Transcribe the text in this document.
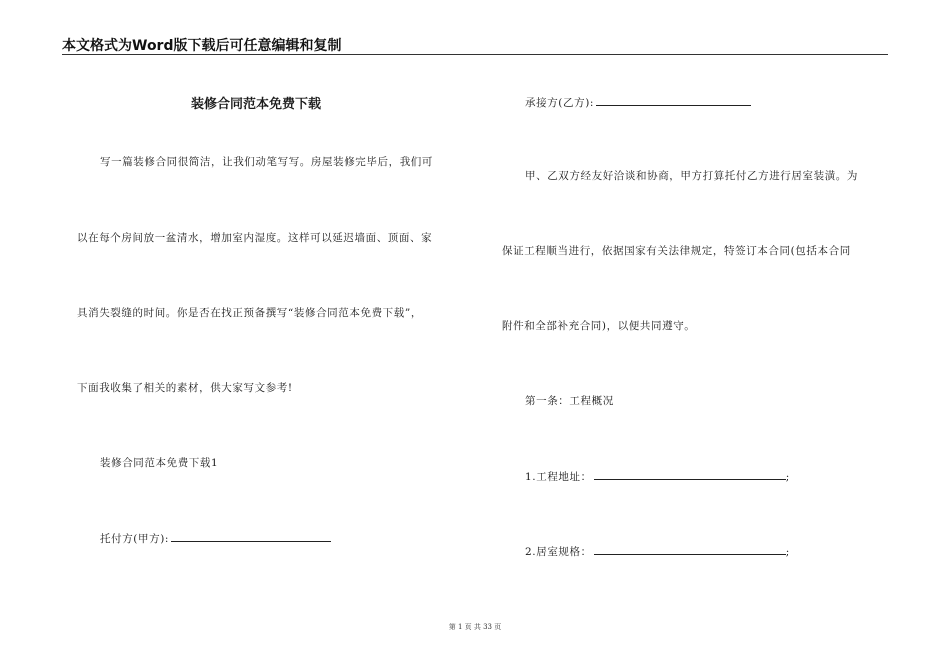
本文格式为Word版下载后可任意编辑和复制
装修合同范本免费下载
写一篇装修合同很简洁，让我们动笔写写。房屋装修完毕后，我们可
以在每个房间放一盆清水，增加室内湿度。这样可以延迟墙面、顶面、家
具消失裂缝的时间。你是否在找正预备撰写“装修合同范本免费下载”，
下面我收集了相关的素材，供大家写文参考!
装修合同范本免费下载1
托付方(甲方):
承接方(乙方):
甲、乙双方经友好洽谈和协商，甲方打算托付乙方进行居室装潢。为
保证工程顺当进行，依据国家有关法律规定，特签订本合同(包括本合同
附件和全部补充合同)，以便共同遵守。
第一条：工程概况
1.工程地址：	;
2.居室规格：	;
第 1 页 共 33 页
